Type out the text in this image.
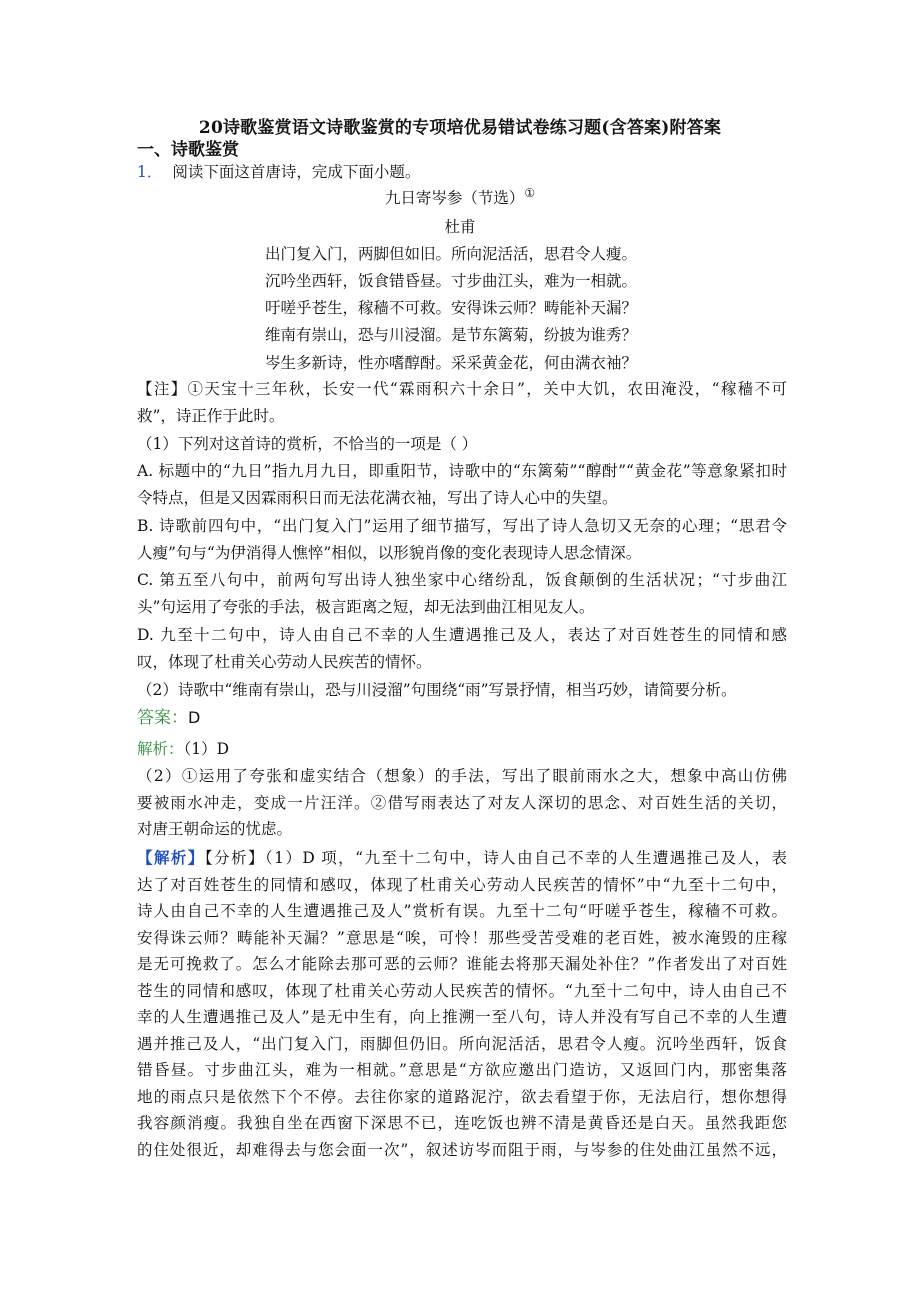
20诗歌鉴赏语文诗歌鉴赏的专项培优易错试卷练习题(含答案)附答案
一、诗歌鉴赏
1． 阅读下面这首唐诗，完成下面小题。
九日寄岑参（节选）①
杜甫
出门复入门，两脚但如旧。所向泥活活，思君令人瘦。
沉吟坐西轩，饭食错昏昼。寸步曲江头，难为一相就。
吁嗟乎苍生，稼穑不可救。安得诛云师？畴能补天漏？
维南有崇山，恐与川浸溜。是节东篱菊，纷披为谁秀？
岑生多新诗，性亦嗜醇酎。采采黄金花，何由满衣袖？
【注】①天宝十三年秋，长安一代“霖雨积六十余日”，关中大饥，农田淹没，“稼穑不可
救”，诗正作于此时。
（1）下列对这首诗的赏析，不恰当的一项是（ ）
A. 标题中的“九日”指九月九日，即重阳节，诗歌中的“东篱菊”“醇酎”“黄金花”等意象紧扣时
令特点，但是又因霖雨积日而无法花满衣袖，写出了诗人心中的失望。
B. 诗歌前四句中，“出门复入门”运用了细节描写，写出了诗人急切又无奈的心理；“思君令
人瘦”句与“为伊消得人憔悴”相似，以形貌肖像的变化表现诗人思念情深。
C. 第五至八句中，前两句写出诗人独坐家中心绪纷乱，饭食颠倒的生活状况；“寸步曲江
头”句运用了夸张的手法，极言距离之短，却无法到曲江相见友人。
D. 九至十二句中，诗人由自己不幸的人生遭遇推己及人，表达了对百姓苍生的同情和感
叹，体现了杜甫关心劳动人民疾苦的情怀。
（2）诗歌中“维南有崇山，恐与川浸溜”句围绕“雨”写景抒情，相当巧妙，请简要分析。
答案：D
解析：（1）D
（2）①运用了夸张和虚实结合（想象）的手法，写出了眼前雨水之大，想象中高山仿佛
要被雨水冲走，变成一片汪洋。②借写雨表达了对友人深切的思念、对百姓生活的关切，
对唐王朝命运的忧虑。
【解析】【分析】（1）D 项，“九至十二句中，诗人由自己不幸的人生遭遇推己及人，表
达了对百姓苍生的同情和感叹，体现了杜甫关心劳动人民疾苦的情怀”中“九至十二句中，
诗人由自己不幸的人生遭遇推己及人”赏析有误。九至十二句“吁嗟乎苍生，稼穑不可救。
安得诛云师？畴能补天漏？”意思是“唉，可怜！那些受苦受难的老百姓，被水淹毁的庄稼
是无可挽救了。怎么才能除去那可恶的云师？谁能去将那天漏处补住？”作者发出了对百姓
苍生的同情和感叹，体现了杜甫关心劳动人民疾苦的情怀。“九至十二句中，诗人由自己不
幸的人生遭遇推己及人”是无中生有，向上推溯一至八句，诗人并没有写自己不幸的人生遭
遇并推己及人，“出门复入门，雨脚但仍旧。所向泥活活，思君令人瘦。沉吟坐西轩，饭食
错昏昼。寸步曲江头，难为一相就。”意思是“方欲应邀出门造访，又返回门内，那密集落
地的雨点只是依然下个不停。去往你家的道路泥泞，欲去看望于你，无法启行，想你想得
我容颜消瘦。我独自坐在西窗下深思不已，连吃饭也辨不清是黄昏还是白天。虽然我距您
的住处很近，却难得去与您会面一次”，叙述访岑而阻于雨，与岑参的住处曲江虽然不远，
